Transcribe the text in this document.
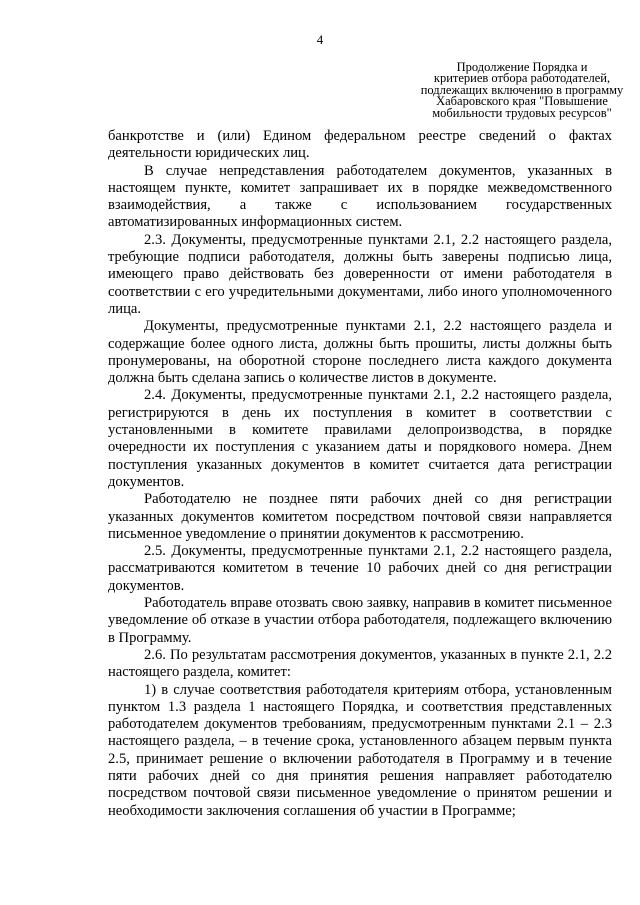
4
Продолжение Порядка и
критериев отбора работодателей,
подлежащих включению в программу
Хабаровского края "Повышение
мобильности трудовых ресурсов"

банкротстве и (или) Едином федеральном реестре сведений о фактах деятельности юридических лиц.

В случае непредставления работодателем документов, указанных в настоящем пункте, комитет запрашивает их в порядке межведомственного взаимодействия, а также с использованием государственных автоматизированных информационных систем.

2.3. Документы, предусмотренные пунктами 2.1, 2.2 настоящего раздела, требующие подписи работодателя, должны быть заверены подписью лица, имеющего право действовать без доверенности от имени работодателя в соответствии с его учредительными документами, либо иного уполномоченного лица.

Документы, предусмотренные пунктами 2.1, 2.2 настоящего раздела и содержащие более одного листа, должны быть прошиты, листы должны быть пронумерованы, на оборотной стороне последнего листа каждого документа должна быть сделана запись о количестве листов в документе.

2.4. Документы, предусмотренные пунктами 2.1, 2.2 настоящего раздела, регистрируются в день их поступления в комитет в соответствии с установленными в комитете правилами делопроизводства, в порядке очередности их поступления с указанием даты и порядкового номера. Днем поступления указанных документов в комитет считается дата регистрации документов.

Работодателю не позднее пяти рабочих дней со дня регистрации указанных документов комитетом посредством почтовой связи направляется письменное уведомление о принятии документов к рассмотрению.

2.5. Документы, предусмотренные пунктами 2.1, 2.2 настоящего раздела, рассматриваются комитетом в течение 10 рабочих дней со дня регистрации документов.

Работодатель вправе отозвать свою заявку, направив в комитет письменное уведомление об отказе в участии отбора работодателя, подлежащего включению в Программу.

2.6. По результатам рассмотрения документов, указанных в пункте 2.1, 2.2 настоящего раздела, комитет:

1) в случае соответствия работодателя критериям отбора, установленным пунктом 1.3 раздела 1 настоящего Порядка, и соответствия представленных работодателем документов требованиям, предусмотренным пунктами 2.1 – 2.3 настоящего раздела, – в течение срока, установленного абзацем первым пункта 2.5, принимает решение о включении работодателя в Программу и в течение пяти рабочих дней со дня принятия решения направляет работодателю посредством почтовой связи письменное уведомление о принятом решении и необходимости заключения соглашения об участии в Программе;
